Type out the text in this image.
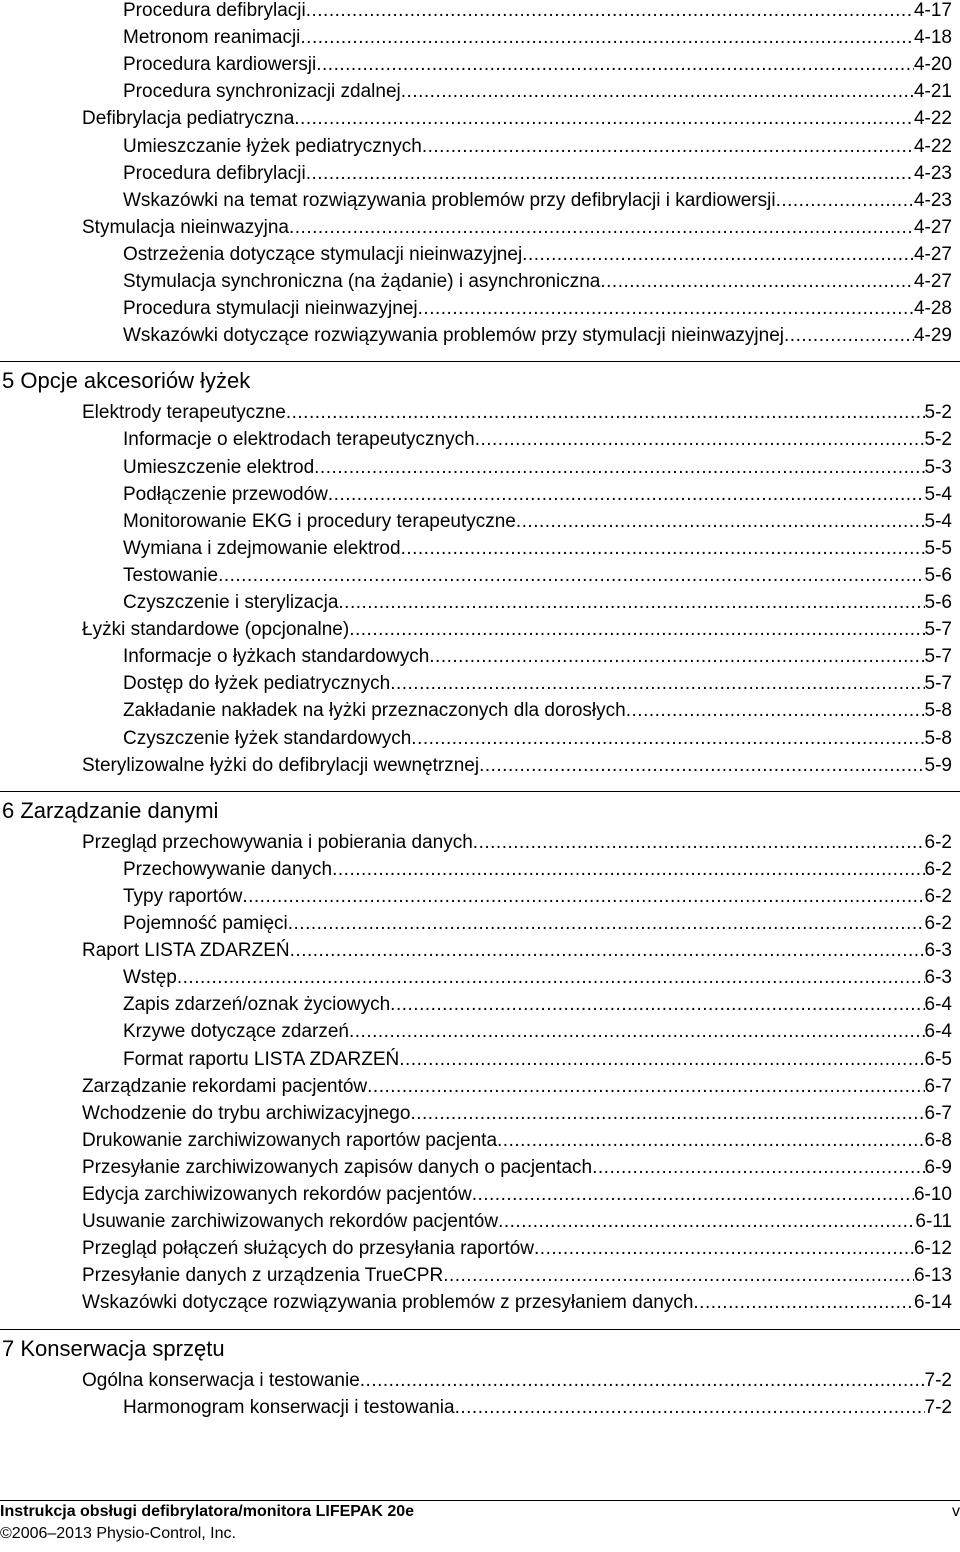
Procedura defibrylacji .....	4-17
Metronom reanimacji .....	4-18
Procedura kardiowersji .....	4-20
Procedura synchronizacji zdalnej .....	4-21
Defibrylacja pediatryczna .....	4-22
Umieszczanie łyżek pediatrycznych .....	4-22
Procedura defibrylacji .....	4-23
Wskazówki na temat rozwiązywania problemów przy defibrylacji i kardiowersji .....	4-23
Stymulacja nieinwazyjna .....	4-27
Ostrzeżenia dotyczące stymulacji nieinwazyjnej .....	4-27
Stymulacja synchroniczna (na żądanie) i asynchroniczna .....	4-27
Procedura stymulacji nieinwazyjnej .....	4-28
Wskazówki dotyczące rozwiązywania problemów przy stymulacji nieinwazyjnej .....	4-29
5 Opcje akcesoriów łyżek
Elektrody terapeutyczne .....	5-2
Informacje o elektrodach terapeutycznych .....	5-2
Umieszczenie elektrod .....	5-3
Podłączenie przewodów .....	5-4
Monitorowanie EKG i procedury terapeutyczne .....	5-4
Wymiana i zdejmowanie elektrod .....	5-5
Testowanie .....	5-6
Czyszczenie i sterylizacja .....	5-6
Łyżki standardowe (opcjonalne) .....	5-7
Informacje o łyżkach standardowych .....	5-7
Dostęp do łyżek pediatrycznych .....	5-7
Zakładanie nakładek na łyżki przeznaczonych dla dorosłych .....	5-8
Czyszczenie łyżek standardowych .....	5-8
Sterylizowalne łyżki do defibrylacji wewnętrznej .....	5-9
6 Zarządzanie danymi
Przegląd przechowywania i pobierania danych .....	6-2
Przechowywanie danych .....	6-2
Typy raportów .....	6-2
Pojemność pamięci .....	6-2
Raport LISTA ZDARZEŃ .....	6-3
Wstęp .....	6-3
Zapis zdarzeń/oznak życiowych .....	6-4
Krzywe dotyczące zdarzeń .....	6-4
Format raportu LISTA ZDARZEŃ .....	6-5
Zarządzanie rekordami pacjentów .....	6-7
Wchodzenie do trybu archiwizacyjnego .....	6-7
Drukowanie zarchiwizowanych raportów pacjenta .....	6-8
Przesyłanie zarchiwizowanych zapisów danych o pacjentach .....	6-9
Edycja zarchiwizowanych rekordów pacjentów .....	6-10
Usuwanie zarchiwizowanych rekordów pacjentów .....	6-11
Przegląd połączeń służących do przesyłania raportów .....	6-12
Przesyłanie danych z urządzenia TrueCPR .....	6-13
Wskazówki dotyczące rozwiązywania problemów z przesyłaniem danych .....	6-14
7 Konserwacja sprzętu
Ogólna konserwacja i testowanie .....	7-2
Harmonogram konserwacji i testowania .....	7-2
Instrukcja obsługi defibrylatora/monitora LIFEPAK 20e	v
©2006–2013 Physio-Control, Inc.
